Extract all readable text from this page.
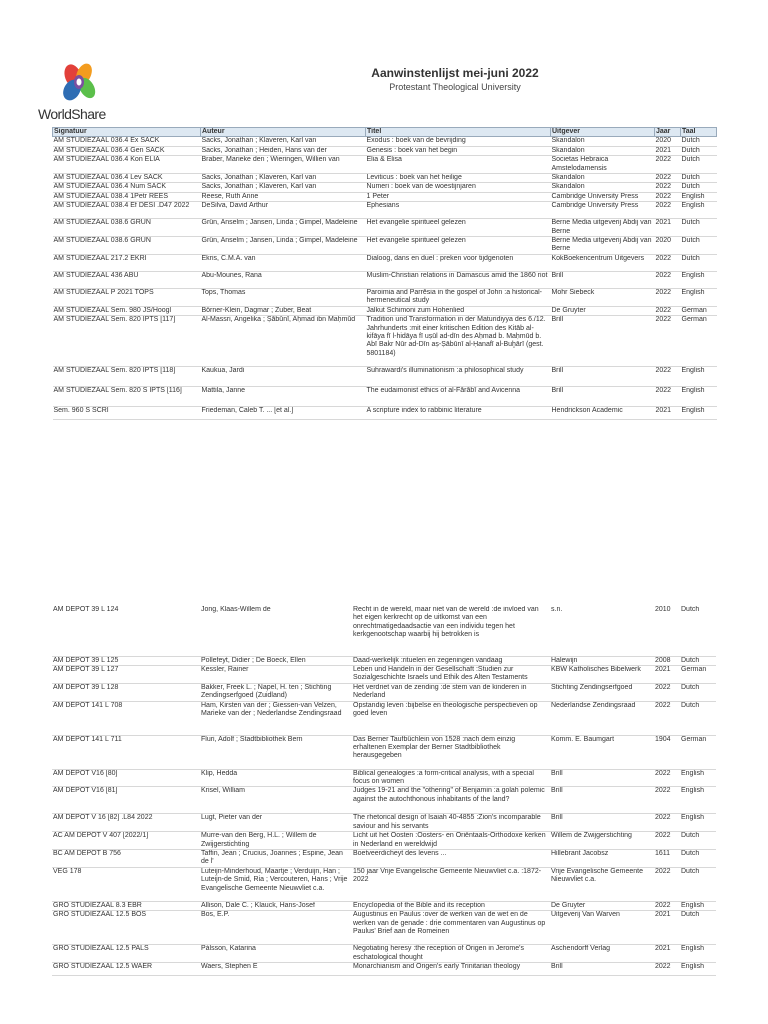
WorldShare
Aanwinstenlijst mei-juni 2022
Protestant Theological University
Signatuur	Auteur	Titel	Uitgever	Jaar	Taal
AM STUDIEZAAL 036.4 Ex SACK	Sacks, Jonathan ; Klaveren, Karl van	Exodus : boek van de bevrijding	Skandalon	2020	Dutch
AM STUDIEZAAL 036.4 Gen SACK	Sacks, Jonathan ; Heiden, Hans van der	Genesis : boek van het begin	Skandalon	2021	Dutch
AM STUDIEZAAL 036.4 Kon ELIA	Braber, Marieke den ; Wieringen, Willien van	Elia & Elisa	Societas Hebraica Amstelodamensis	2022	Dutch
AM STUDIEZAAL 036.4 Lev SACK	Sacks, Jonathan ; Klaveren, Karl van	Leviticus : boek van het heilige	Skandalon	2022	Dutch
AM STUDIEZAAL 036.4 Num SACK	Sacks, Jonathan ; Klaveren, Karl van	Numeri : boek van de woestijnjaren	Skandalon	2022	Dutch
AM STUDIEZAAL 038.4 1Petr REES	Reese, Ruth Anne	1 Peter	Cambridge University Press	2022	English
AM STUDIEZAAL 038.4 Ef DESI .D47 2022	DeSilva, David Arthur	Ephesians	Cambridge University Press	2022	English
AM STUDIEZAAL 038.6 GRUN	Grün, Anselm ; Jansen, Linda ; Gimpel, Madeleine	Het evangelie spiritueel gelezen	Berne Media uitgeverij Abdij van Berne	2021	Dutch
AM STUDIEZAAL 038.6 GRUN	Grün, Anselm ; Jansen, Linda ; Gimpel, Madeleine	Het evangelie spiritueel gelezen	Berne Media uitgeverij Abdij van Berne	2020	Dutch
AM STUDIEZAAL 217.2 EKRI	Ekris, C.M.A. van	Dialoog, dans en duel : preken voor tijdgenoten	KokBoekencentrum Uitgevers	2022	Dutch
AM STUDIEZAAL 436 ABU	Abu-Mounes, Rana	Muslim-Christian relations in Damascus amid the 1860 riot	Brill	2022	English
AM STUDIEZAAL P 2021 TOPS	Tops, Thomas	Paroimia and Parrēsia in the gospel of John :a historical-hermeneutical study	Mohr Siebeck	2022	English
AM STUDIEZAAL Sem. 980 JS/Hoogl	Börner-Klein, Dagmar ; Zuber, Beat	Jalkut Schimoni zum Hohenlied	De Gruyter	2022	German
AM STUDIEZAAL Sem. 820 IPTS [117]	Al-Massri, Angelika ; Ṣābūnī, Aḥmad ibn Maḥmūd	Tradition und Transformation in der Maturidiyya des 6./12. Jahrhunderts :mit einer kritischen Edition des Kitāb al-kifāya fī l-hidāya fī uṣūl ad-dīn des Aḥmad b. Maḥmūd b. Abī Bakr Nūr ad-Dīn aṣ-Ṣābūnī al-Ḥanafī al-Buḫārī (gest. 5801184)	Brill	2022	German
AM STUDIEZAAL Sem. 820 IPTS [118]	Kaukua, Jardi	Suhrawardi's illuminationism :a philosophical study	Brill	2022	English
AM STUDIEZAAL Sem. 820 S IPTS [116]	Mattila, Janne	The eudaimonist ethics of al-Fārābī and Avicenna	Brill	2022	English
Sem. 960 S SCRI	Friedeman, Caleb T. ... [et al.]	A scripture index to rabbinic literature	Hendrickson Academic	2021	English
AM DEPOT 39 L 124	Jong, Klaas-Willem de	Recht in de wereld, maar niet van de wereld :de invloed van het eigen kerkrecht op de uitkomst van een onrechtmatigedaadsactie van een individu tegen het kerkgenootschap waarbij hij betrokken is	s.n.	2010	Dutch
AM DEPOT 39 L 125	Pollefeyt, Didier ; De Boeck, Ellen	Daad-werkelijk :rituelen en zegeningen vandaag	Halewijn	2008	Dutch
AM DEPOT 39 L 127	Kessler, Rainer	Leben und Handeln in der Gesellschaft :Studien zur Sozialgeschichte Israels und Ethik des Alten Testaments	KBW Katholisches Bibelwerk	2021	German
AM DEPOT 39 L 128	Bakker, Freek L. ; Napel, H. ten ; Stichting Zendingserfgoed (Zuidland)	Het verdriet van de zending :de stem van de kinderen in Nederland	Stichting Zendingserfgoed	2022	Dutch
AM DEPOT 141 L 708	Ham, Kirsten van der ; Giessen-van Velzen, Marieke van der ; Nederlandse Zendingsraad	Opstandig leven :bijbelse en theologische perspectieven op goed leven	Nederlandse Zendingsraad	2022	Dutch
AM DEPOT 141 L 711	Fluri, Adolf ; Stadtbibliothek Bern	Das Berner Taufbüchlein von 1528 :nach dem einzig erhaltenen Exemplar der Berner Stadtbibliothek herausgegeben	Komm. E. Baumgart	1904	German
AM DEPOT V16 [80]	Klip, Hedda	Biblical genealogies :a form-critical analysis, with a special focus on women	Brill	2022	English
AM DEPOT V16 [81]	Krisel, William	Judges 19-21 and the "othering" of Benjamin :a golah polemic against the autochthonous inhabitants of the land?	Brill	2022	English
AM DEPOT V 16 [82] .L84 2022	Lugt, Pieter van der	The rhetorical design of Isaiah 40-4855 :Zion's incomparable saviour and his servants	Brill	2022	English
AC AM DEPOT V 407 [2022/1]	Murre-van den Berg, H.L. ; Willem de Zwijgerstichting	Licht uit het Oosten :Oosters- en Oriëntaals-Orthodoxe kerken in Nederland en wereldwijd	Willem de Zwijgerstichting	2022	Dutch
BC AM DEPOT B 756	Taffin, Jean ; Crucius, Joannes ; Espine, Jean de l'	Boetveerdicheyt des levens ...	Hillebrant Jacobsz	1611	Dutch
VEG 178	Luteijn-Minderhoud, Maartje ; Verduijn, Han ; Luteijn-de Smid, Ria ; Vercouteren, Hans ; Vrije Evangelische Gemeente Nieuwvliet c.a.	150 jaar Vrije Evangelische Gemeente Nieuwvliet c.a. :1872-2022	Vrije Evangelische Gemeente Nieuwvliet c.a.	2022	Dutch
GRO STUDIEZAAL 8.3 EBR	Allison, Dale C. ; Klauck, Hans-Josef	Encyclopedia of the Bible and its reception	De Gruyter	2022	English
GRO STUDIEZAAL 12.5 BOS	Bos, E.P.	Augustinus en Paulus :over de werken van de wet en de werken van de genade : drie commentaren van Augustinus op Paulus' Brief aan de Romeinen	Uitgeverij Van Warven	2021	Dutch
GRO STUDIEZAAL 12.5 PALS	Pálsson, Katarina	Negotiating heresy :the reception of Origen in Jerome's eschatological thought	Aschendorff Verlag	2021	English
GRO STUDIEZAAL 12.5 WAER	Waers, Stephen E	Monarchianism and Origen's early Trinitarian theology	Brill	2022	English
